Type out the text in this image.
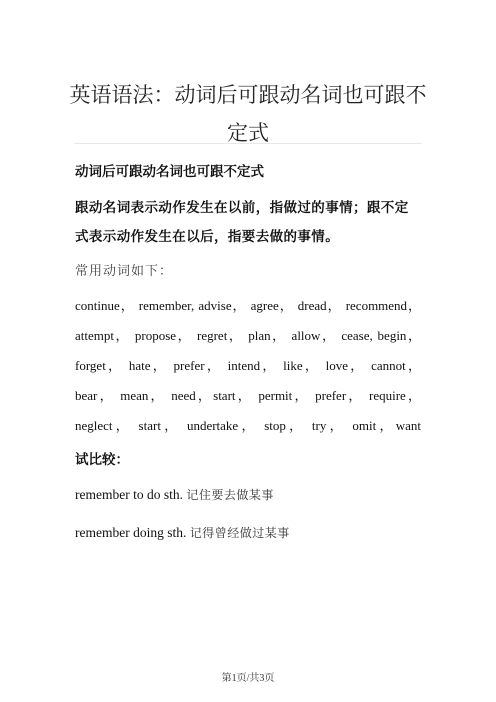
英语语法：动词后可跟动名词也可跟不定式

动词后可跟动名词也可跟不定式

跟动名词表示动作发生在以前，指做过的事情；跟不定式表示动作发生在以后，指要去做的事情。

常用动词如下：

continue， remember, advise， agree， dread， recommend，
attempt， propose， regret， plan， allow， cease, begin，
forget， hate， prefer， intend， like， love， cannot，
bear， mean， need，start， permit， prefer， require，
neglect， start， undertake， stop， try， omit，want

试比较：

remember to do sth. 记住要去做某事

remember doing sth. 记得曾经做过某事

第1页/共3页
